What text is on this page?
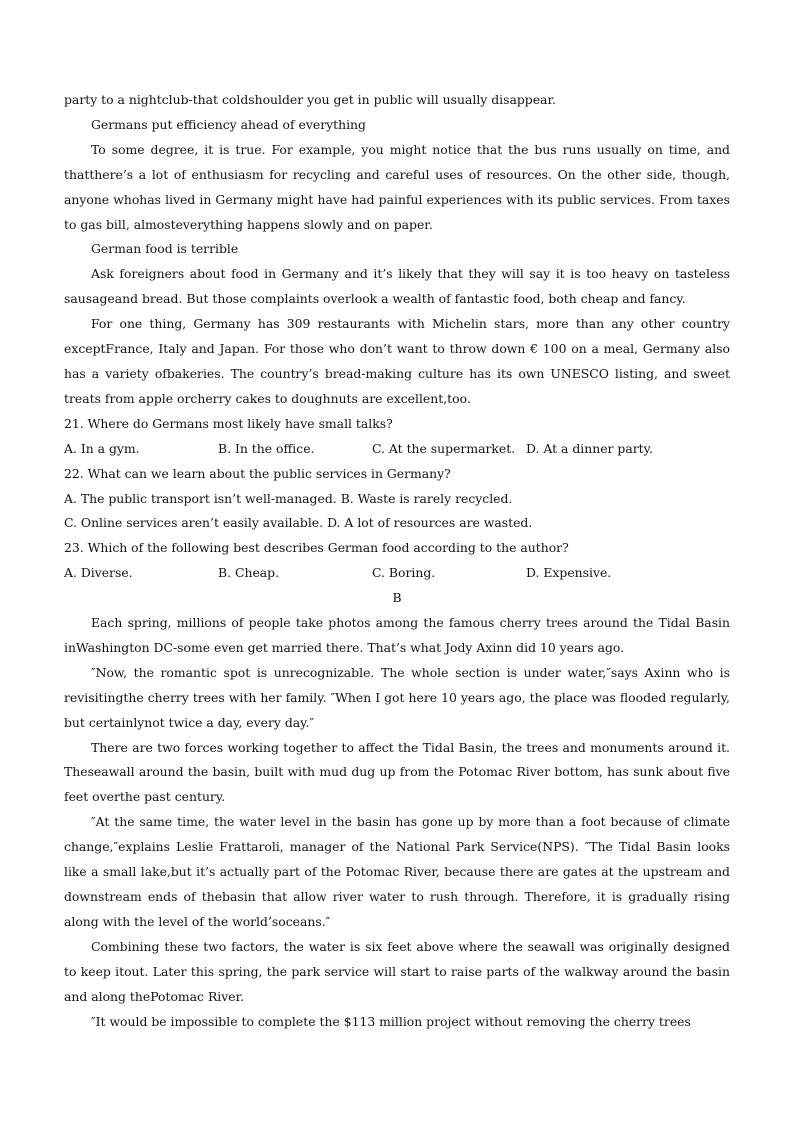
party to a nightclub-that coldshoulder you get in public will usually disappear.

Germans put efficiency ahead of everything

To some degree, it is true. For example, you might notice that the bus runs usually on time, and thatthere’s a lot of enthusiasm for recycling and careful uses of resources. On the other side, though, anyone whohas lived in Germany might have had painful experiences with its public services. From taxes to gas bill, almosteverything happens slowly and on paper.

German food is terrible

Ask foreigners about food in Germany and it’s likely that they will say it is too heavy on tasteless sausageand bread. But those complaints overlook a wealth of fantastic food, both cheap and fancy.

For one thing, Germany has 309 restaurants with Michelin stars, more than any other country exceptFrance, Italy and Japan. For those who don’t want to throw down € 100 on a meal, Germany also has a variety ofbakeries. The country’s bread-making culture has its own UNESCO listing, and sweet treats from apple orcherry cakes to doughnuts are excellent,too.

21. Where do Germans most likely have small talks?

A. In a gym.	B. In the office.	C. At the supermarket. D. At a dinner party.

22. What can we learn about the public services in Germany?

A. The public transport isn’t well-managed. B. Waste is rarely recycled.
C. Online services aren’t easily available. D. A lot of resources are wasted.

23. Which of the following best describes German food according to the author?

A. Diverse.	B. Cheap.	C. Boring.	D. Expensive.

B

Each spring, millions of people take photos among the famous cherry trees around the Tidal Basin inWashington DC-some even get married there. That’s what Jody Axinn did 10 years ago.

″Now, the romantic spot is unrecognizable. The whole section is under water,″says Axinn who is revisitingthe cherry trees with her family. ″When I got here 10 years ago, the place was flooded regularly, but certainlynot twice a day, every day.″

There are two forces working together to affect the Tidal Basin, the trees and monuments around it. Theseawall around the basin, built with mud dug up from the Potomac River bottom, has sunk about five feet overthe past century.

″At the same time, the water level in the basin has gone up by more than a foot because of climate change,″explains Leslie Frattaroli, manager of the National Park Service(NPS). ″The Tidal Basin looks like a small lake,but it’s actually part of the Potomac River, because there are gates at the upstream and downstream ends of thebasin that allow river water to rush through. Therefore, it is gradually rising along with the level of the world’soceans.″

Combining these two factors, the water is six feet above where the seawall was originally designed to keep itout. Later this spring, the park service will start to raise parts of the walkway around the basin and along thePotomac River.

″It would be impossible to complete the $113 million project without removing the cherry trees
